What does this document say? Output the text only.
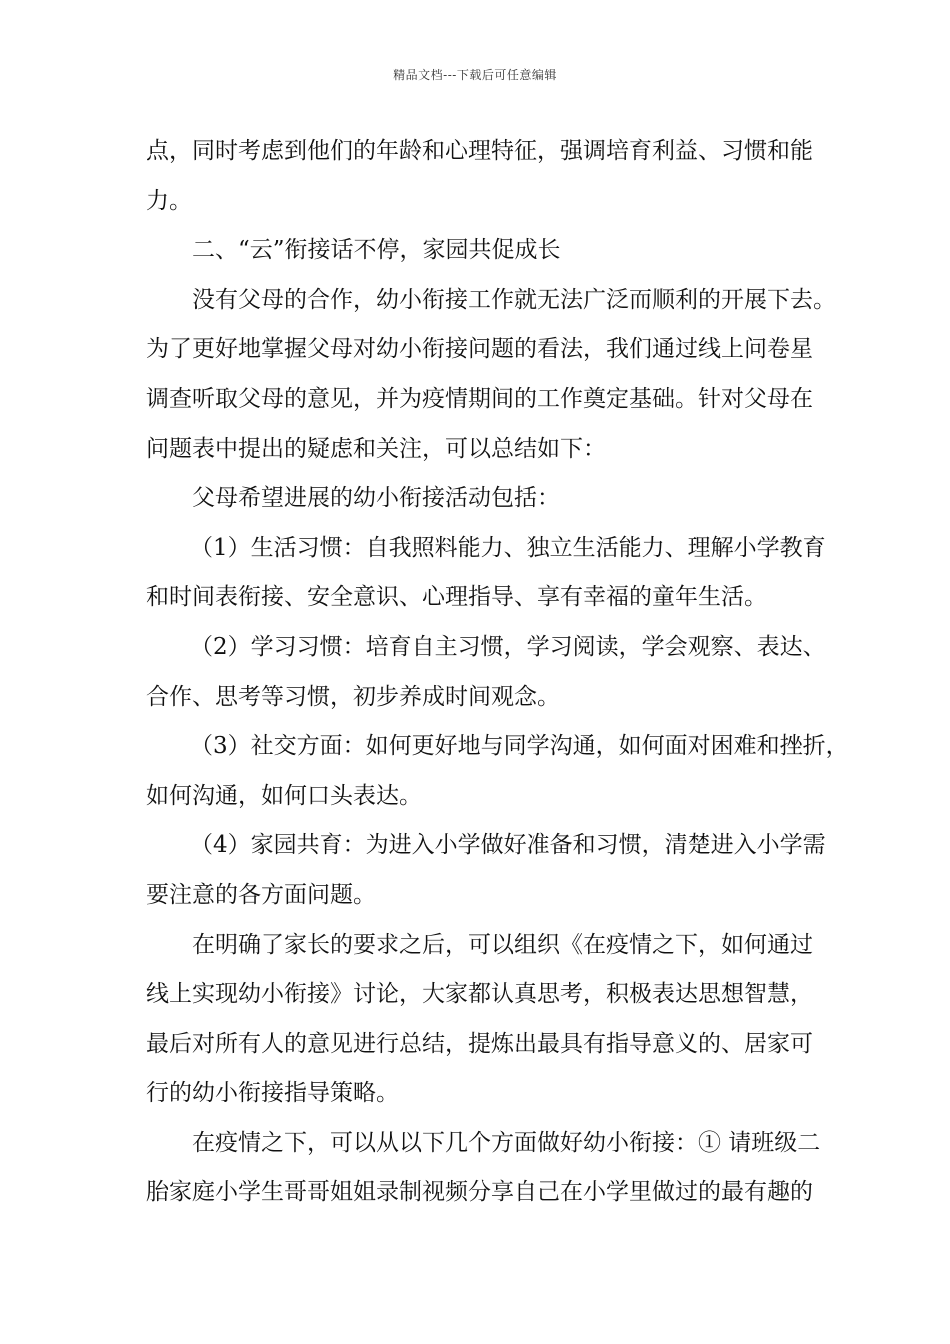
精品文档---下载后可任意编辑
点，同时考虑到他们的年龄和心理特征，强调培育利益、习惯和能
力。
二、“云”衔接话不停，家园共促成长
没有父母的合作，幼小衔接工作就无法广泛而顺利的开展下去。
为了更好地掌握父母对幼小衔接问题的看法，我们通过线上问卷星
调查听取父母的意见，并为疫情期间的工作奠定基础。针对父母在
问题表中提出的疑虑和关注，可以总结如下：
父母希望进展的幼小衔接活动包括：
（1）生活习惯：自我照料能力、独立生活能力、理解小学教育
和时间表衔接、安全意识、心理指导、享有幸福的童年生活。
（2）学习习惯：培育自主习惯，学习阅读，学会观察、表达、
合作、思考等习惯，初步养成时间观念。
（3）社交方面：如何更好地与同学沟通，如何面对困难和挫折，
如何沟通，如何口头表达。
（4）家园共育：为进入小学做好准备和习惯，清楚进入小学需
要注意的各方面问题。
在明确了家长的要求之后，可以组织《在疫情之下，如何通过
线上实现幼小衔接》讨论，大家都认真思考，积极表达思想智慧，
最后对所有人的意见进行总结，提炼出最具有指导意义的、居家可
行的幼小衔接指导策略。
在疫情之下，可以从以下几个方面做好幼小衔接：① 请班级二
胎家庭小学生哥哥姐姐录制视频分享自己在小学里做过的最有趣的
